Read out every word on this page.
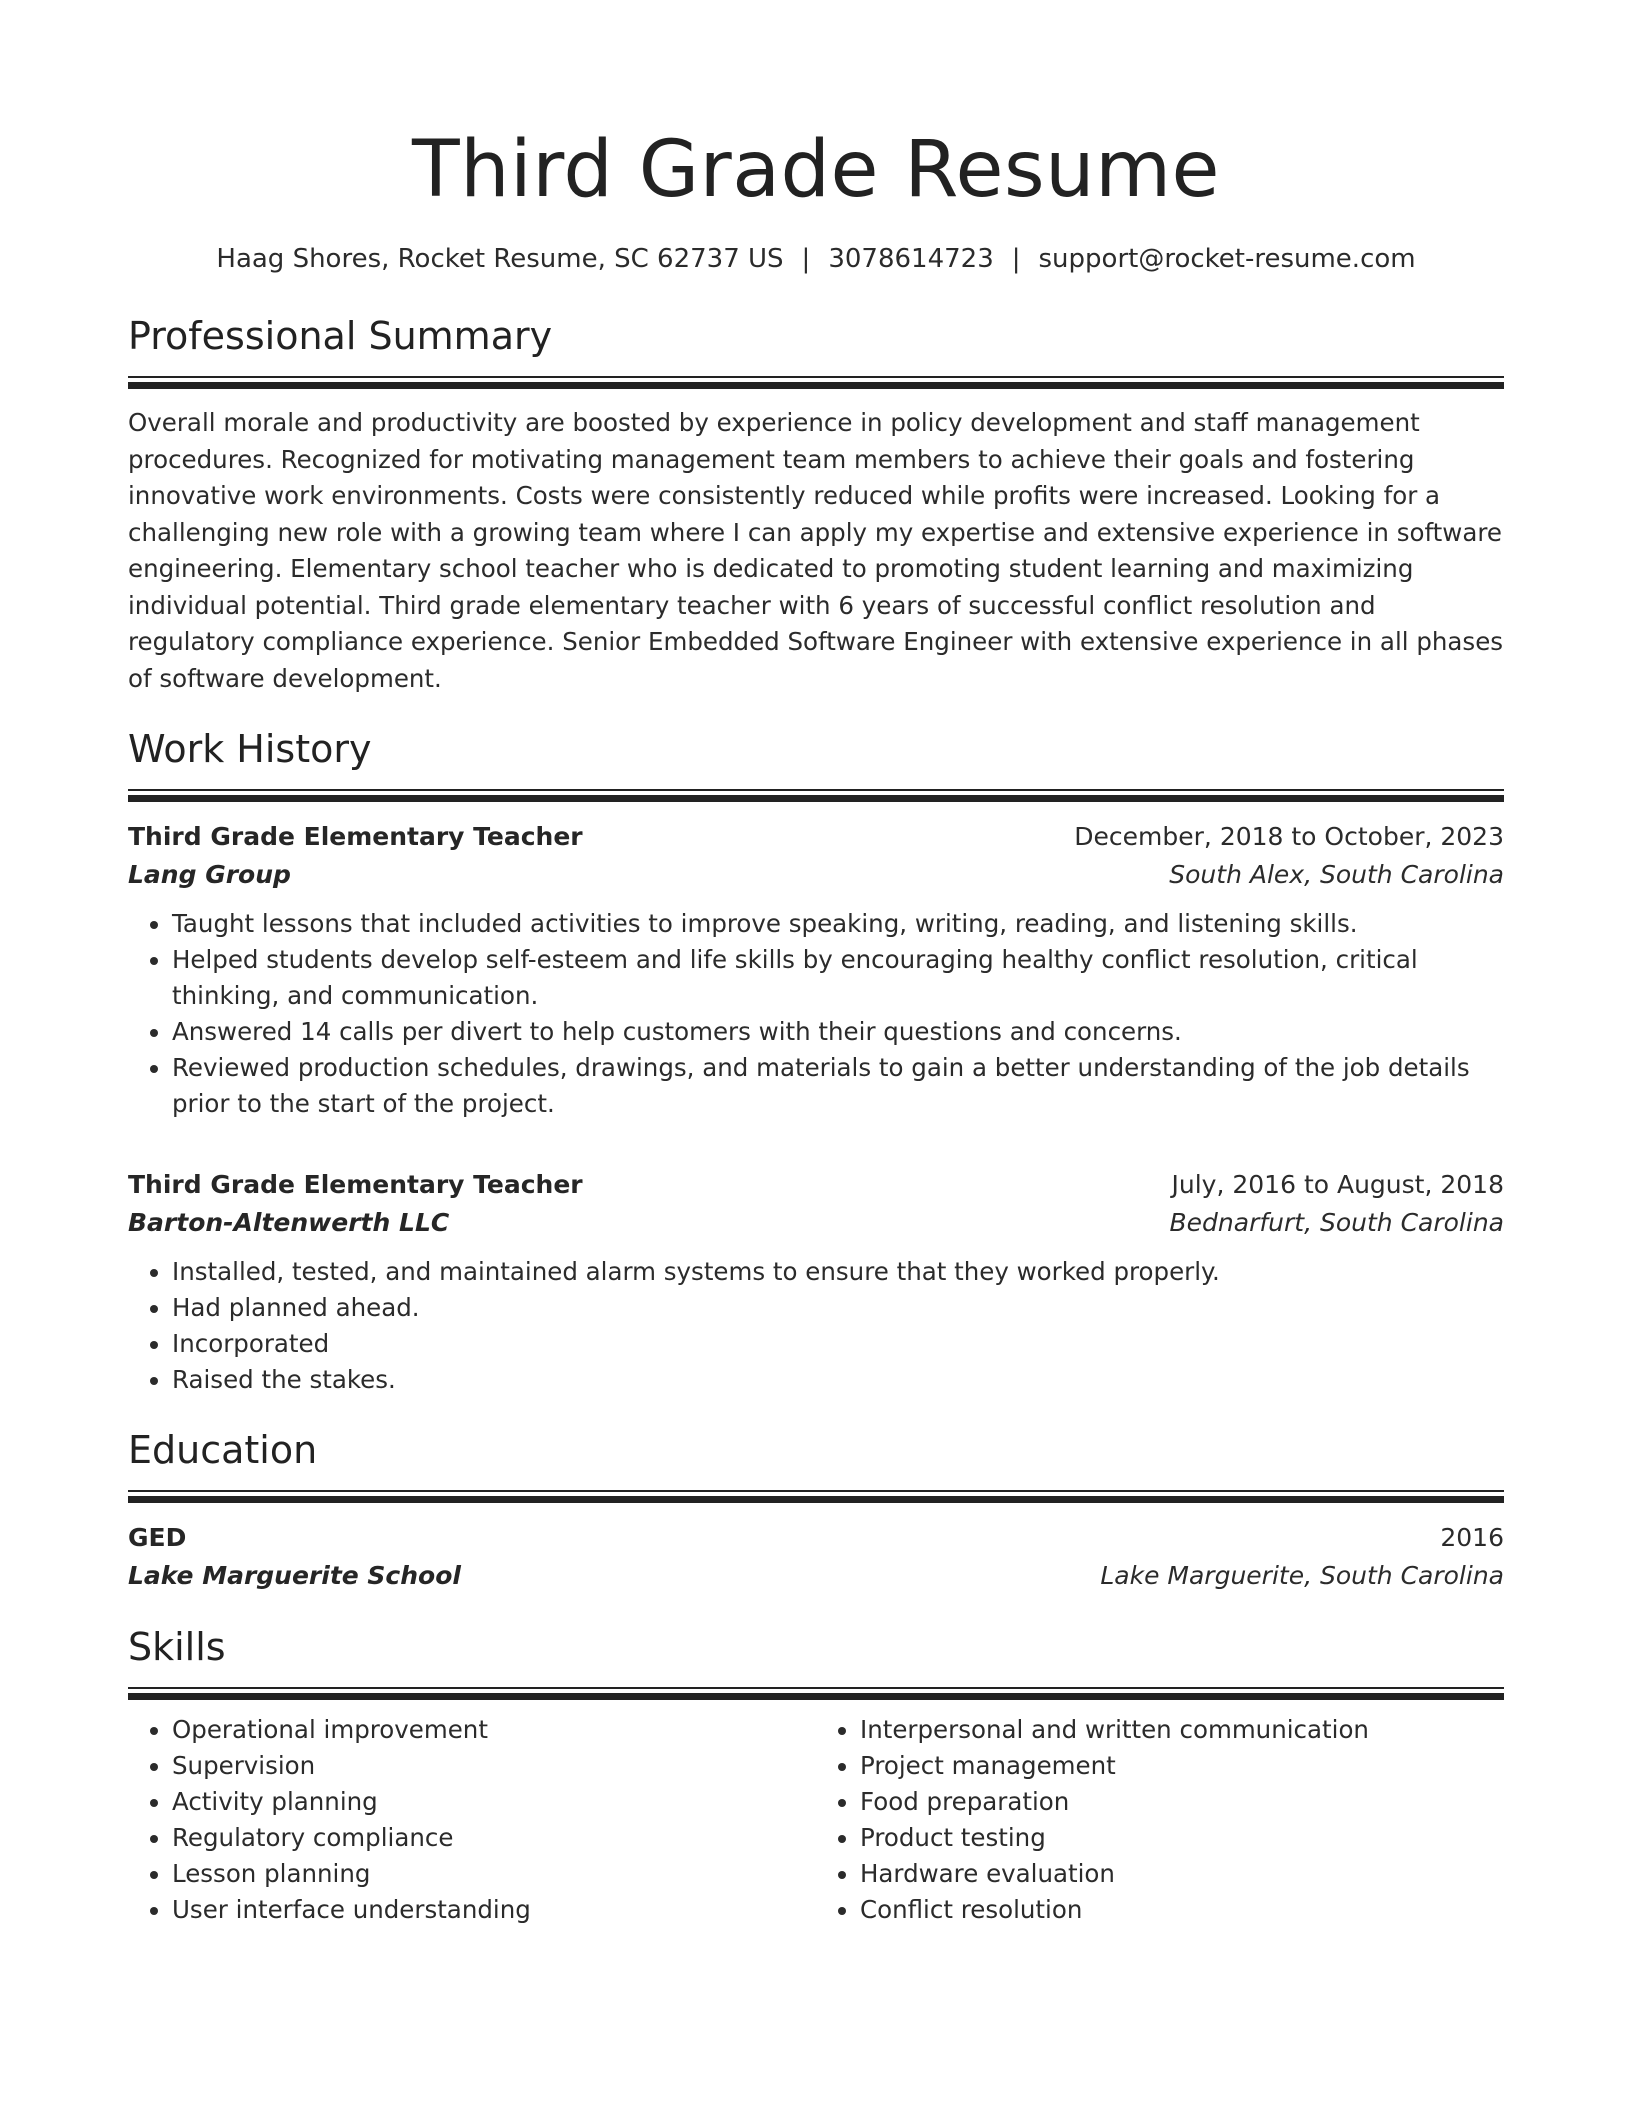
Third Grade Resume
Haag Shores, Rocket Resume, SC 62737 US | 3078614723 | support@rocket-resume.com
Professional Summary

Overall morale and productivity are boosted by experience in policy development and staff management procedures. Recognized for motivating management team members to achieve their goals and fostering innovative work environments. Costs were consistently reduced while profits were increased. Looking for a challenging new role with a growing team where I can apply my expertise and extensive experience in software engineering. Elementary school teacher who is dedicated to promoting student learning and maximizing individual potential. Third grade elementary teacher with 6 years of successful conflict resolution and regulatory compliance experience. Senior Embedded Software Engineer with extensive experience in all phases of software development.

Work History
Third Grade Elementary Teacher	December, 2018 to October, 2023
Lang Group	South Alex, South Carolina
• Taught lessons that included activities to improve speaking, writing, reading, and listening skills.
• Helped students develop self-esteem and life skills by encouraging healthy conflict resolution, critical thinking, and communication.
• Answered 14 calls per divert to help customers with their questions and concerns.
• Reviewed production schedules, drawings, and materials to gain a better understanding of the job details prior to the start of the project.
Third Grade Elementary Teacher	July, 2016 to August, 2018
Barton-Altenwerth LLC	Bednarfurt, South Carolina
• Installed, tested, and maintained alarm systems to ensure that they worked properly.
• Had planned ahead.
• Incorporated
• Raised the stakes.
Education
GED	2016
Lake Marguerite School	Lake Marguerite, South Carolina
Skills
• Operational improvement
• Supervision
• Activity planning
• Regulatory compliance
• Lesson planning
• User interface understanding
• Interpersonal and written communication
• Project management
• Food preparation
• Product testing
• Hardware evaluation
• Conflict resolution
